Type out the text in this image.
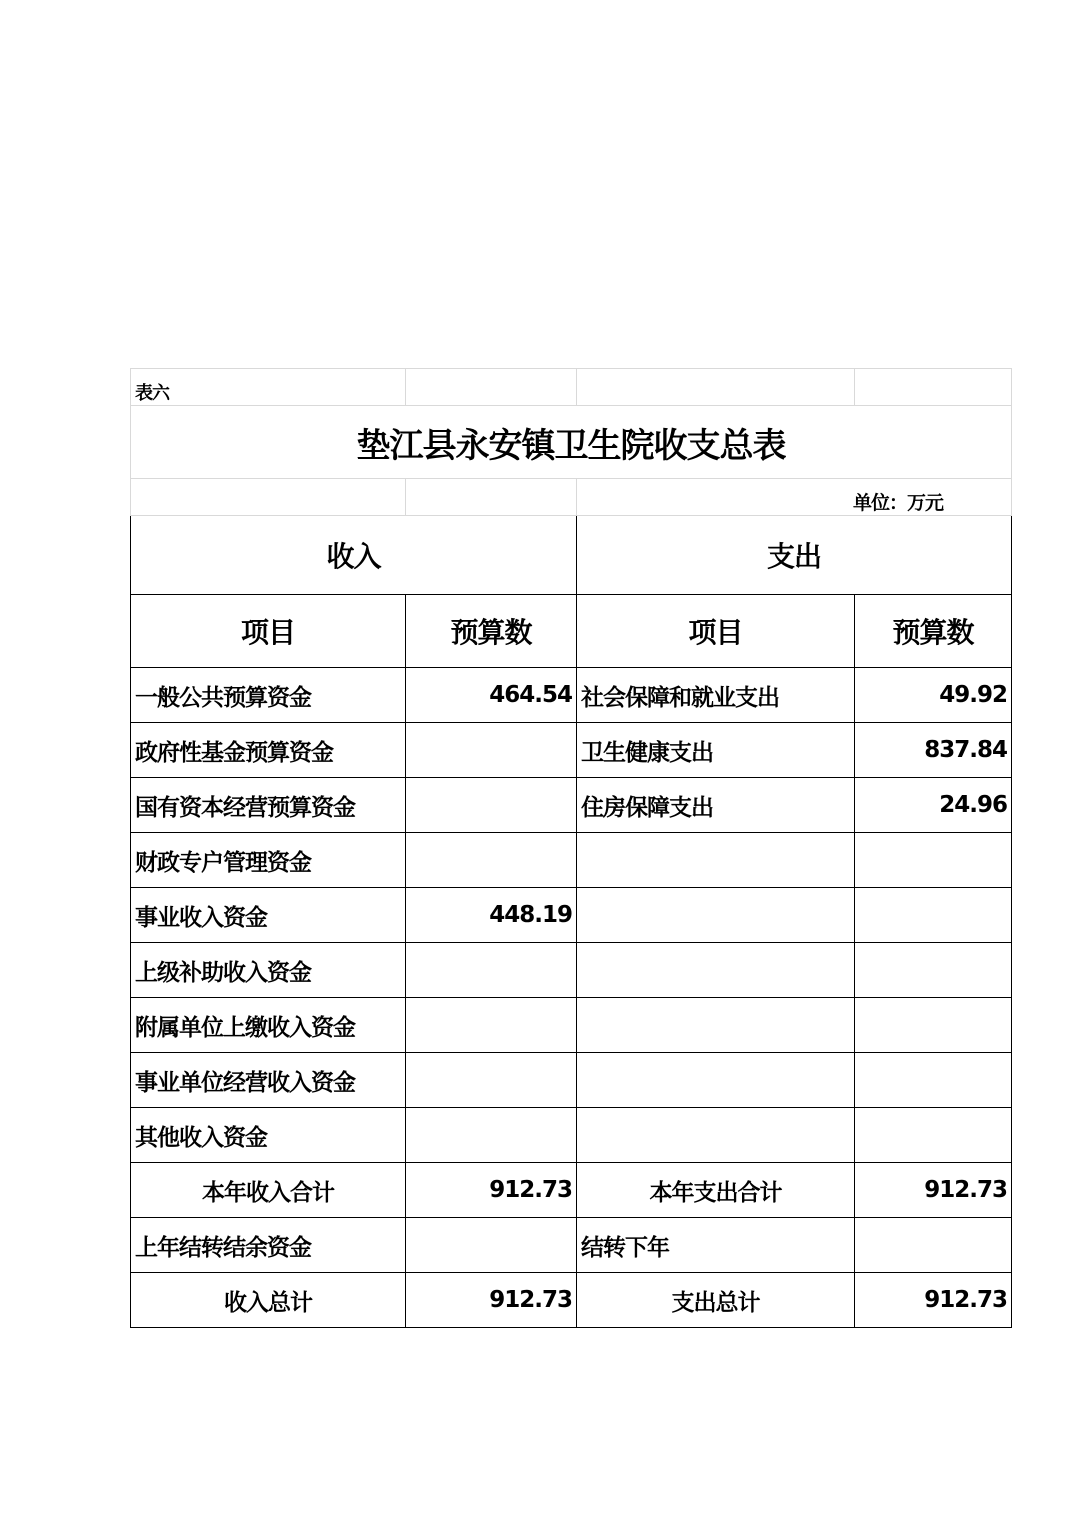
表六			
垫江县永安镇卫生院收支总表			
		单位：万元	
收入		支出	
项目	预算数	项目	预算数
一般公共预算资金	464.54	社会保障和就业支出	49.92
政府性基金预算资金		卫生健康支出	837.84
国有资本经营预算资金		住房保障支出	24.96
财政专户管理资金			
事业收入资金	448.19		
上级补助收入资金			
附属单位上缴收入资金			
事业单位经营收入资金			
其他收入资金			
本年收入合计	912.73	本年支出合计	912.73
上年结转结余资金		结转下年	
收入总计	912.73	支出总计	912.73
